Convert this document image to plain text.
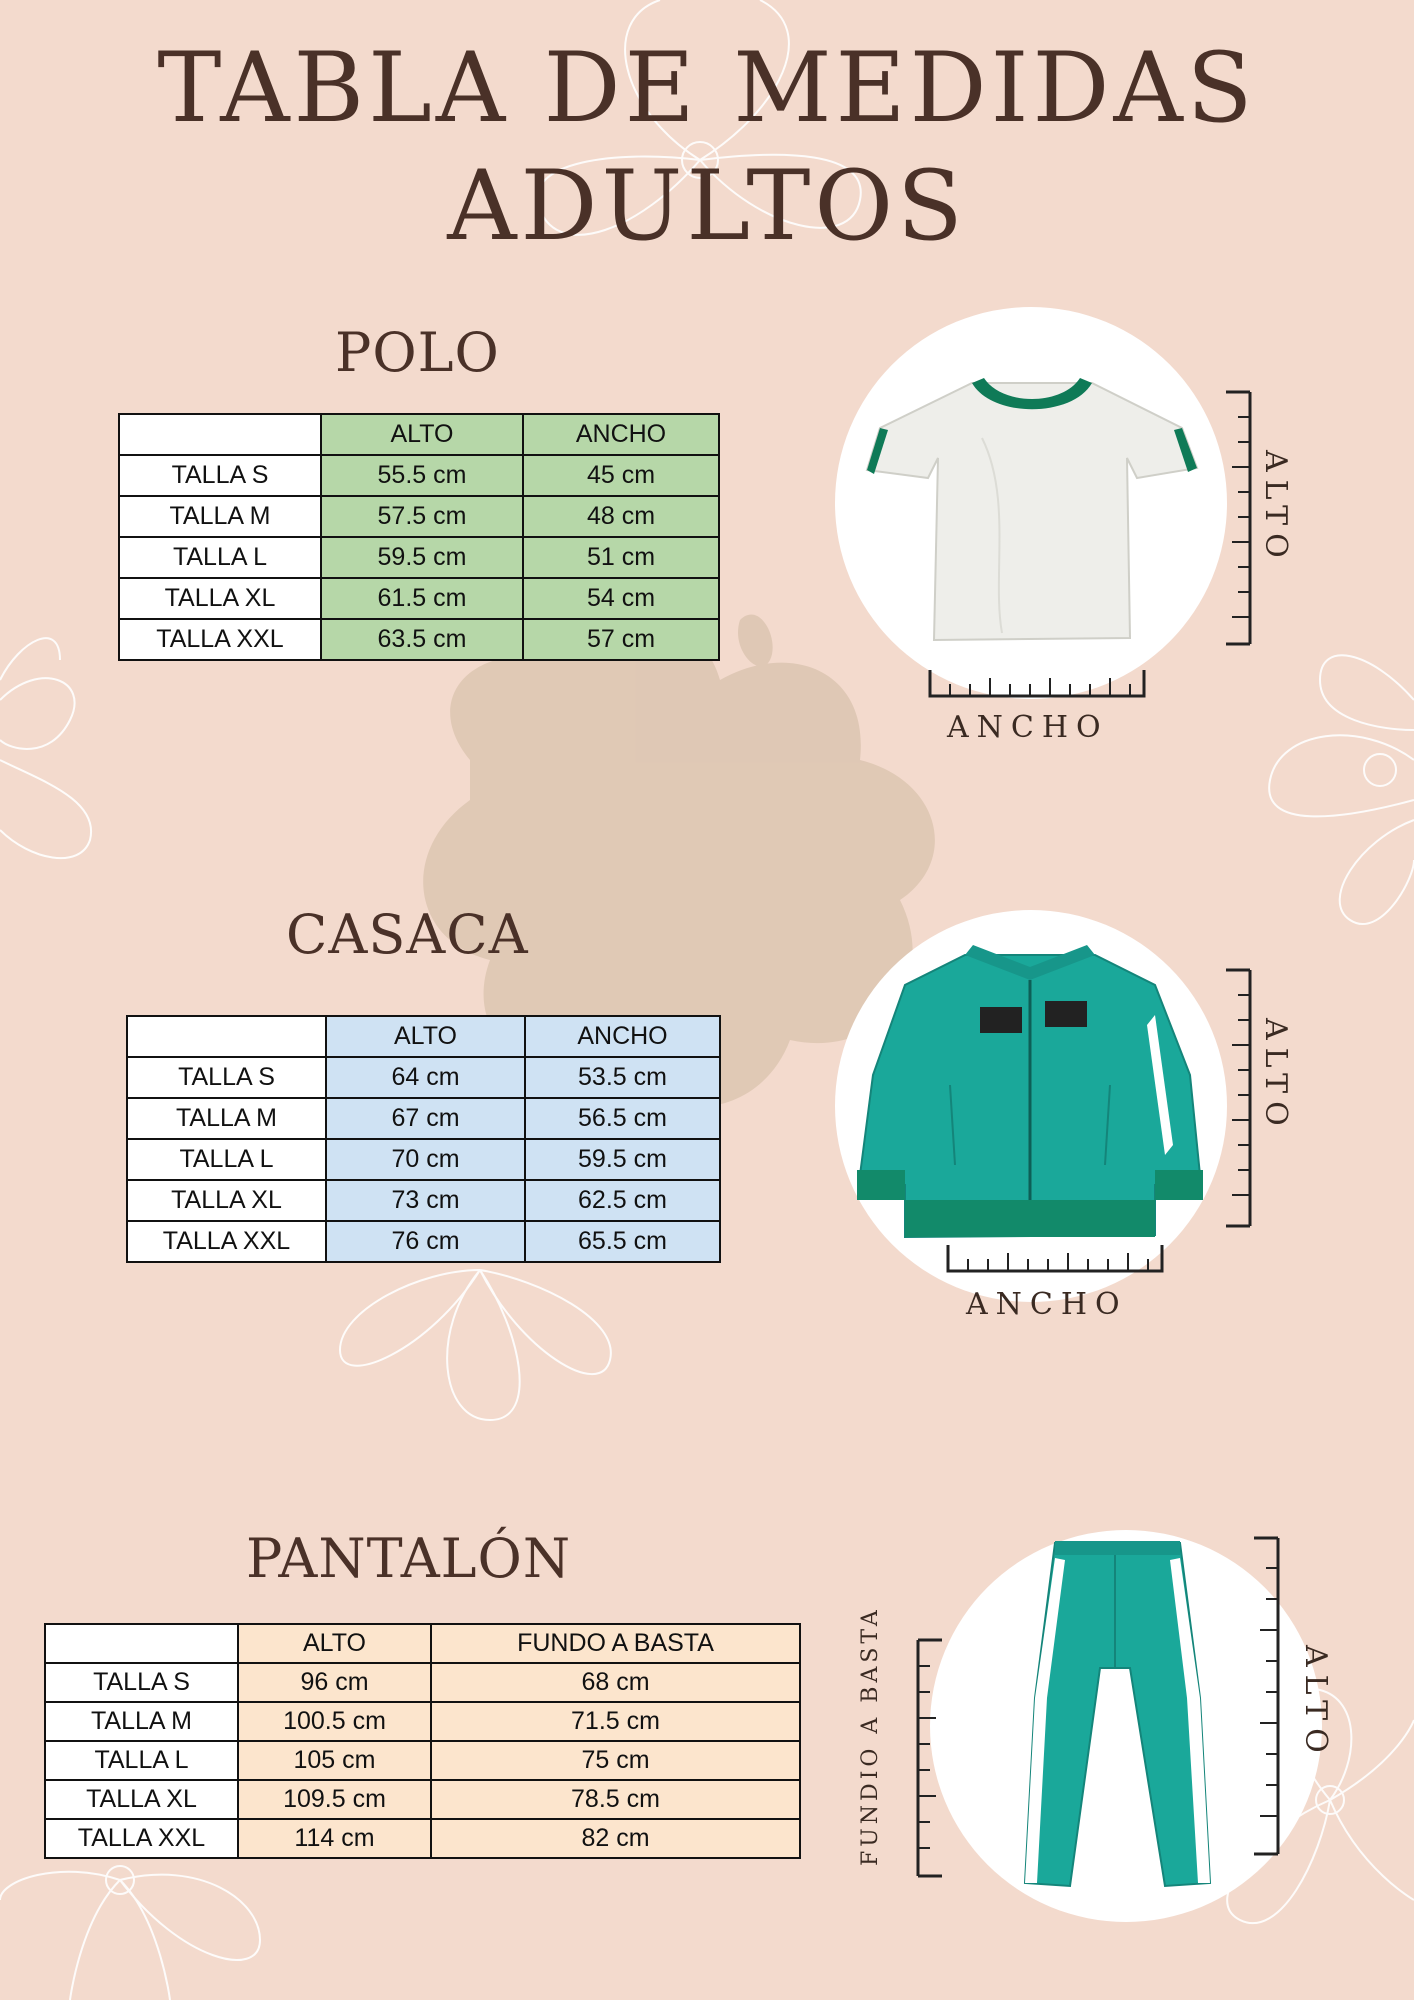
TABLA DE MEDIDAS
ADULTOS
POLO
	ALTO	ANCHO
TALLA S	55.5 cm	45 cm
TALLA M	57.5 cm	48 cm
TALLA L	59.5 cm	51 cm
TALLA XL	61.5 cm	54 cm
TALLA XXL	63.5 cm	57 cm
ALTO
ANCHO
CASACA
	ALTO	ANCHO
TALLA S	64 cm	53.5 cm
TALLA M	67 cm	56.5 cm
TALLA L	70 cm	59.5 cm
TALLA XL	73 cm	62.5 cm
TALLA XXL	76 cm	65.5 cm
ALTO
ANCHO
PANTALÓN
	ALTO	FUNDO A BASTA
TALLA S	96 cm	68 cm
TALLA M	100.5 cm	71.5 cm
TALLA L	105 cm	75 cm
TALLA XL	109.5 cm	78.5 cm
TALLA XXL	114 cm	82 cm
ALTO
FUNDIO A BASTA
